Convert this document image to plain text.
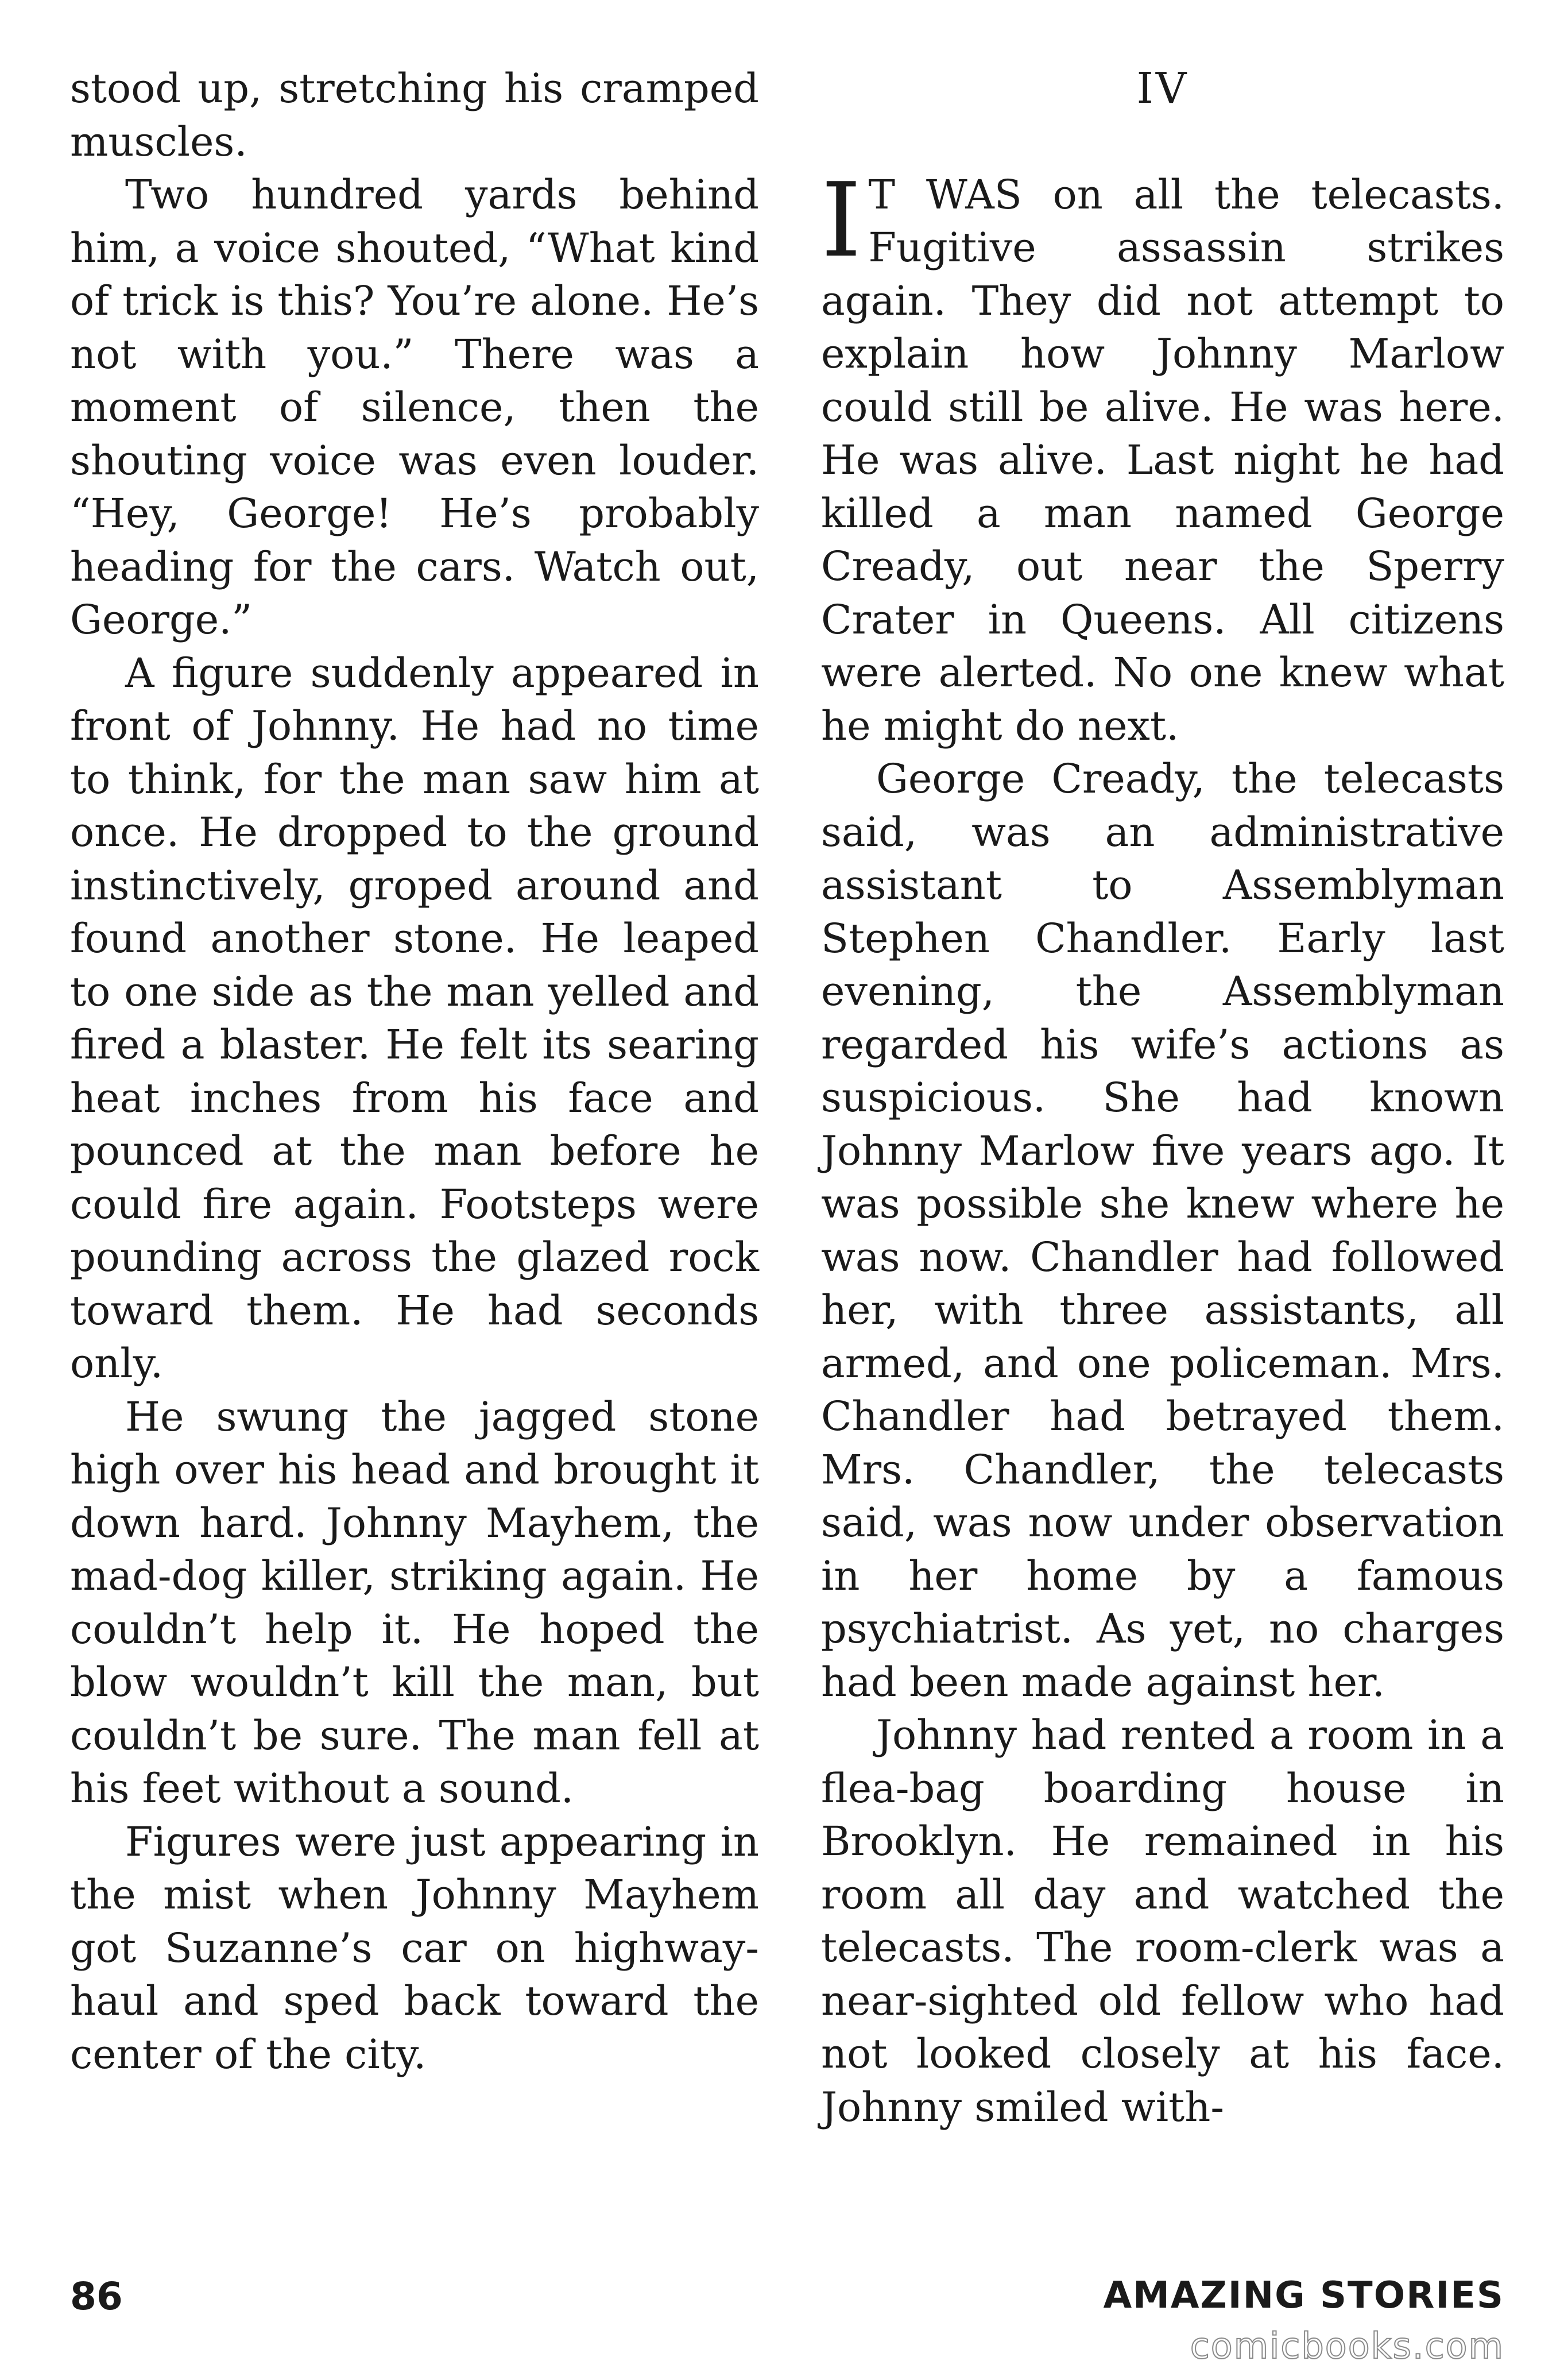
stood up, stretching his cramped muscles.

Two hundred yards behind him, a voice shouted, “What kind of trick is this? You’re alone. He’s not with you.” There was a moment of silence, then the shouting voice was even louder. “Hey, George! He’s probably heading for the cars. Watch out, George.”

A figure suddenly appeared in front of Johnny. He had no time to think, for the man saw him at once. He dropped to the ground instinctively, groped around and found another stone. He leaped to one side as the man yelled and fired a blaster. He felt its searing heat inches from his face and pounced at the man before he could fire again. Footsteps were pounding across the glazed rock toward them. He had seconds only.

He swung the jagged stone high over his head and brought it down hard. Johnny Mayhem, the mad-dog killer, striking again. He couldn’t help it. He hoped the blow wouldn’t kill the man, but couldn’t be sure. The man fell at his feet without a sound.

Figures were just appearing in the mist when Johnny Mayhem got Suzanne’s car on highway-haul and sped back toward the center of the city.

IV

I T WAS on all the telecasts. Fugitive assassin strikes again. They did not attempt to explain how Johnny Marlow could still be alive. He was here. He was alive. Last night he had killed a man named George Cready, out near the Sperry Crater in Queens. All citizens were alerted. No one knew what he might do next.

George Cready, the telecasts said, was an administrative assistant to Assemblyman Stephen Chandler. Early last evening, the Assemblyman regarded his wife’s actions as suspicious. She had known Johnny Marlow five years ago. It was possible she knew where he was now. Chandler had followed her, with three assistants, all armed, and one policeman. Mrs. Chandler had betrayed them. Mrs. Chandler, the telecasts said, was now under observation in her home by a famous psychiatrist. As yet, no charges had been made against her.

Johnny had rented a room in a flea-bag boarding house in Brooklyn. He remained in his room all day and watched the telecasts. The room-clerk was a near-sighted old fellow who had not looked closely at his face. Johnny smiled with-

86	AMAZING STORIES
comicbooks.com
